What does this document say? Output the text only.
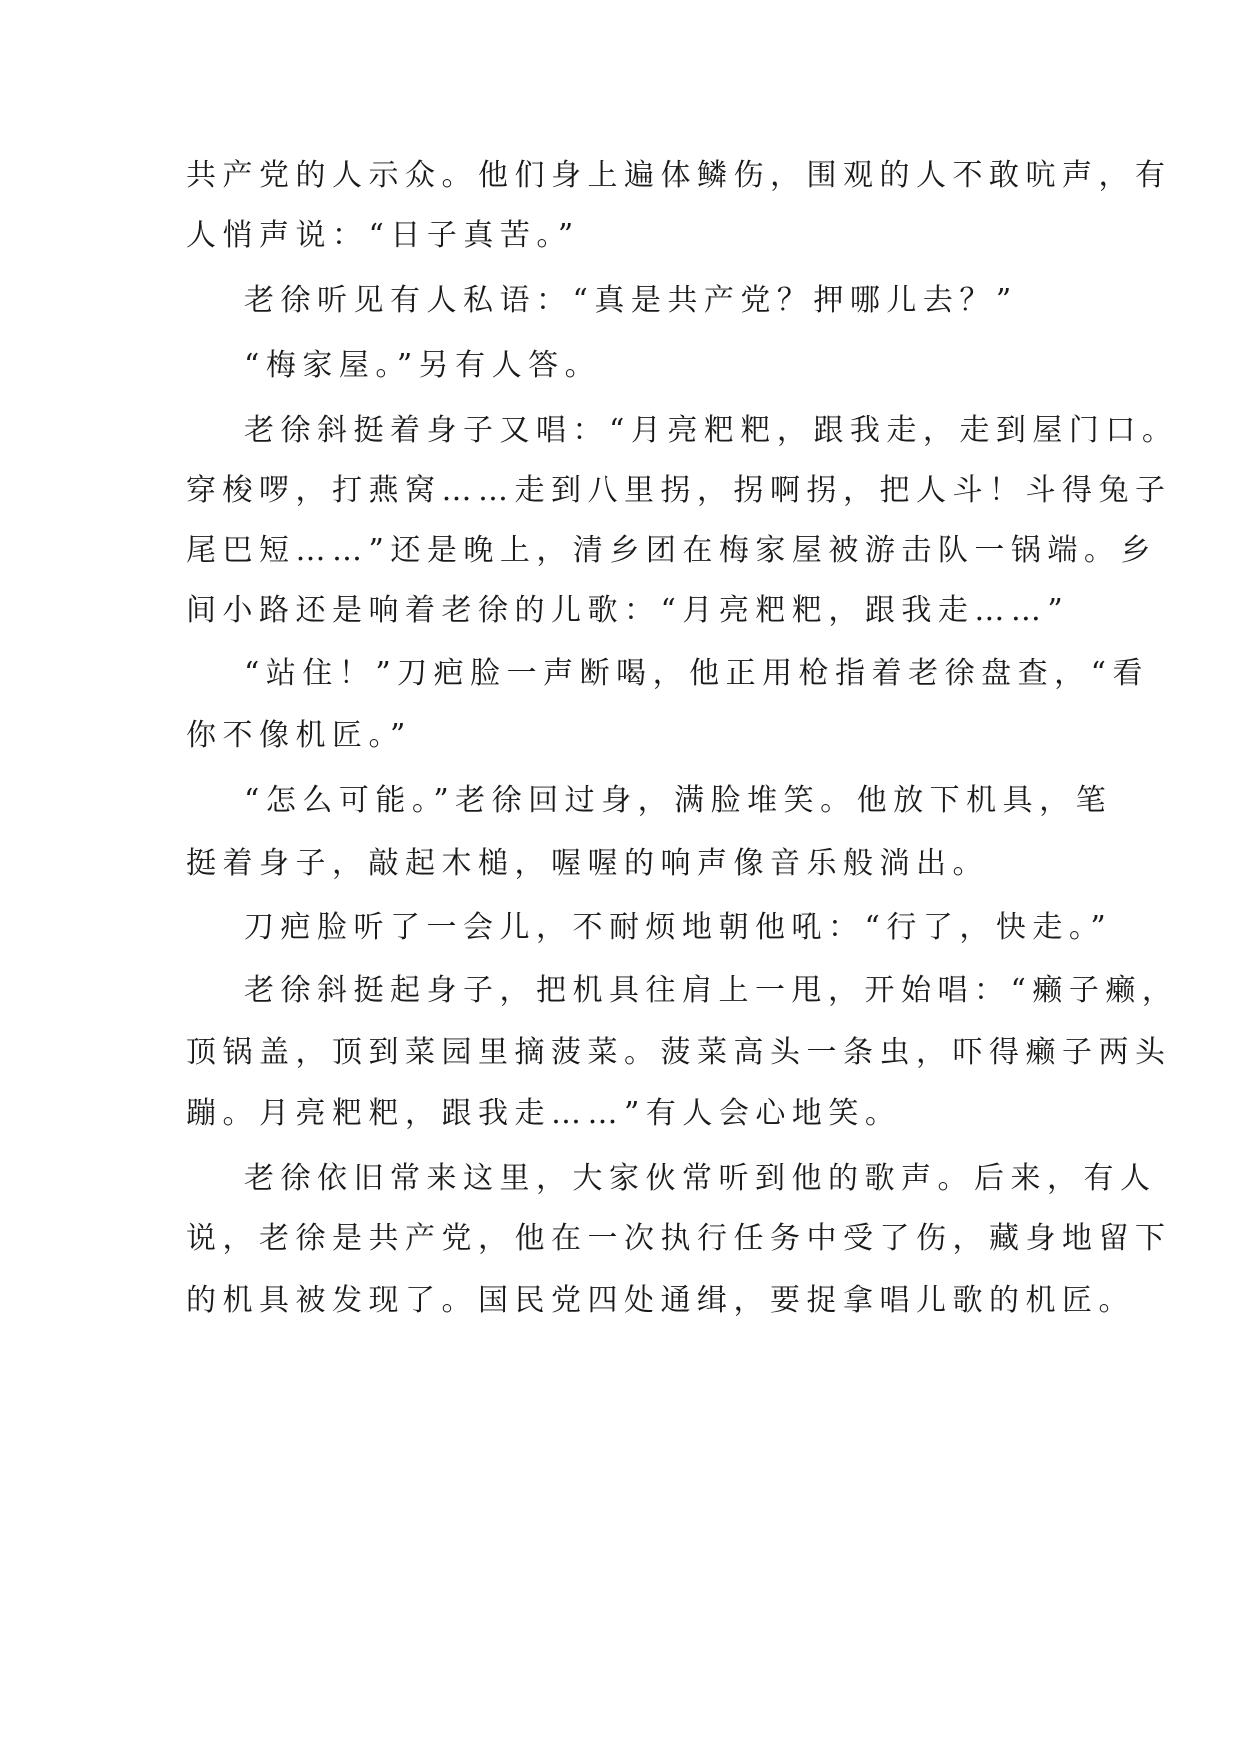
共产党的人示众。他们身上遍体鳞伤，围观的人不敢吭声，有
人悄声说：“日子真苦。”
老徐听见有人私语：“真是共产党？押哪儿去？”
“梅家屋。”另有人答。
老徐斜挺着身子又唱：“月亮粑粑，跟我走，走到屋门口。
穿梭啰，打燕窝……走到八里拐，拐啊拐，把人斗！斗得兔子
尾巴短……”还是晚上，清乡团在梅家屋被游击队一锅端。乡
间小路还是响着老徐的儿歌：“月亮粑粑，跟我走……”
“站住！”刀疤脸一声断喝，他正用枪指着老徐盘查，“看
你不像机匠。”
“怎么可能。”老徐回过身，满脸堆笑。他放下机具，笔
挺着身子，敲起木槌，喔喔的响声像音乐般淌出。
刀疤脸听了一会儿，不耐烦地朝他吼：“行了，快走。”
老徐斜挺起身子，把机具往肩上一甩，开始唱：“癞子癞，
顶锅盖，顶到菜园里摘菠菜。菠菜高头一条虫，吓得癞子两头
蹦。月亮粑粑，跟我走……”有人会心地笑。
老徐依旧常来这里，大家伙常听到他的歌声。后来，有人
说，老徐是共产党，他在一次执行任务中受了伤，藏身地留下
的机具被发现了。国民党四处通缉，要捉拿唱儿歌的机匠。
